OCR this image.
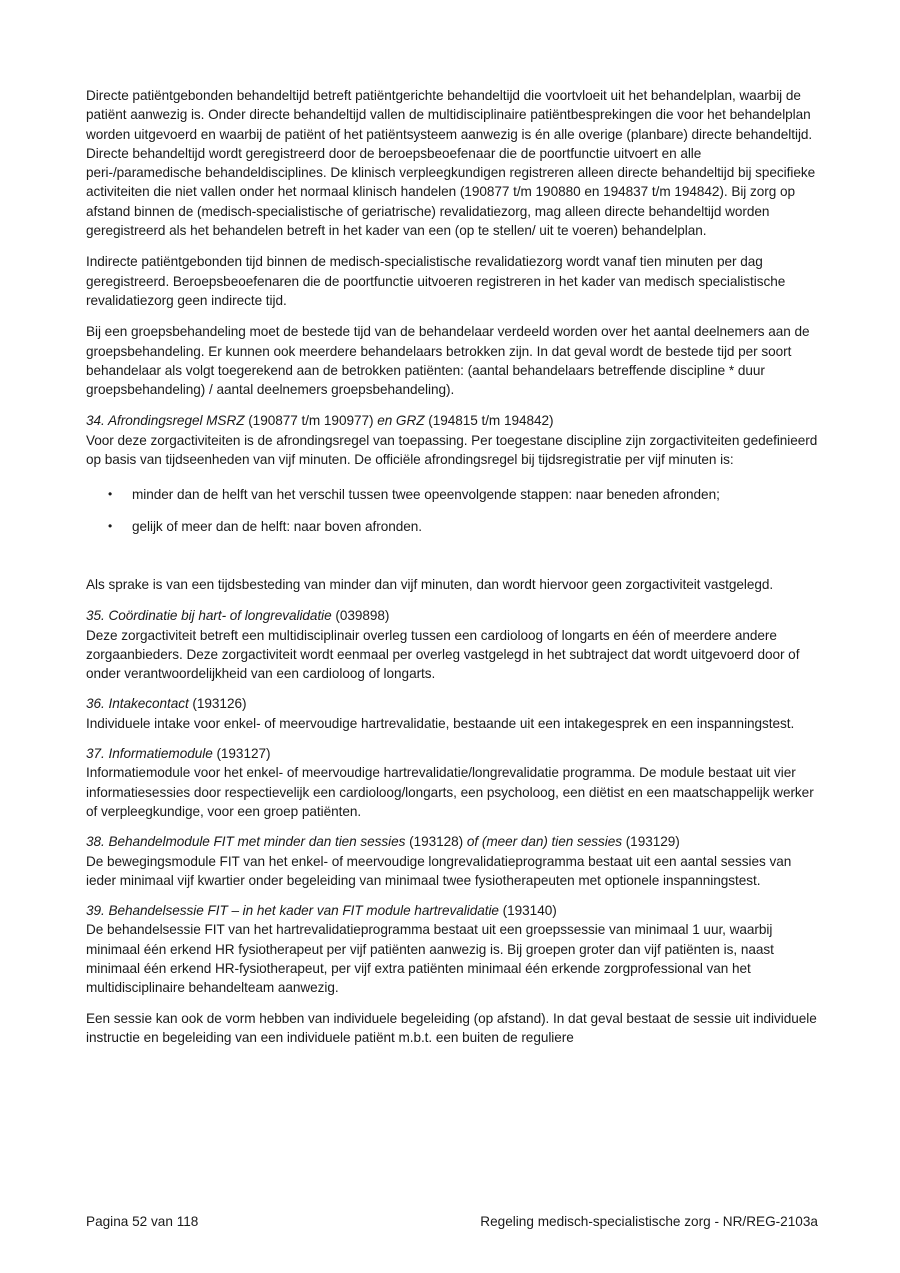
Directe patiëntgebonden behandeltijd betreft patiëntgerichte behandeltijd die voortvloeit uit het behandelplan, waarbij de patiënt aanwezig is. Onder directe behandeltijd vallen de multidisciplinaire patiëntbesprekingen die voor het behandelplan worden uitgevoerd en waarbij de patiënt of het patiëntsysteem aanwezig is én alle overige (planbare) directe behandeltijd. Directe behandeltijd wordt geregistreerd door de beroepsbeoefenaar die de poortfunctie uitvoert en alle peri-/paramedische behandeldisciplines. De klinisch verpleegkundigen registreren alleen directe behandeltijd bij specifieke activiteiten die niet vallen onder het normaal klinisch handelen (190877 t/m 190880 en 194837 t/m 194842). Bij zorg op afstand binnen de (medisch-specialistische of geriatrische) revalidatiezorg, mag alleen directe behandeltijd worden geregistreerd als het behandelen betreft in het kader van een (op te stellen/ uit te voeren) behandelplan.

Indirecte patiëntgebonden tijd binnen de medisch-specialistische revalidatiezorg wordt vanaf tien minuten per dag geregistreerd. Beroepsbeoefenaren die de poortfunctie uitvoeren registreren in het kader van medisch specialistische revalidatiezorg geen indirecte tijd.

Bij een groepsbehandeling moet de bestede tijd van de behandelaar verdeeld worden over het aantal deelnemers aan de groepsbehandeling. Er kunnen ook meerdere behandelaars betrokken zijn. In dat geval wordt de bestede tijd per soort behandelaar als volgt toegerekend aan de betrokken patiënten: (aantal behandelaars betreffende discipline * duur groepsbehandeling) / aantal deelnemers groepsbehandeling).

34. Afrondingsregel MSRZ (190877 t/m 190977) en GRZ (194815 t/m 194842)

Voor deze zorgactiviteiten is de afrondingsregel van toepassing. Per toegestane discipline zijn zorgactiviteiten gedefinieerd op basis van tijdseenheden van vijf minuten. De officiële afrondingsregel bij tijdsregistratie per vijf minuten is:

• minder dan de helft van het verschil tussen twee opeenvolgende stappen: naar beneden afronden;
• gelijk of meer dan de helft: naar boven afronden.

Als sprake is van een tijdsbesteding van minder dan vijf minuten, dan wordt hiervoor geen zorgactiviteit vastgelegd.

35. Coördinatie bij hart- of longrevalidatie (039898)

Deze zorgactiviteit betreft een multidisciplinair overleg tussen een cardioloog of longarts en één of meerdere andere zorgaanbieders. Deze zorgactiviteit wordt eenmaal per overleg vastgelegd in het subtraject dat wordt uitgevoerd door of onder verantwoordelijkheid van een cardioloog of longarts.

36. Intakecontact (193126)

Individuele intake voor enkel- of meervoudige hartrevalidatie, bestaande uit een intakegesprek en een inspanningstest.

37. Informatiemodule (193127)

Informatiemodule voor het enkel- of meervoudige hartrevalidatie/longrevalidatie programma. De module bestaat uit vier informatiesessies door respectievelijk een cardioloog/longarts, een psycholoog, een diëtist en een maatschappelijk werker of verpleegkundige, voor een groep patiënten.

38. Behandelmodule FIT met minder dan tien sessies (193128) of (meer dan) tien sessies (193129)

De bewegingsmodule FIT van het enkel- of meervoudige longrevalidatieprogramma bestaat uit een aantal sessies van ieder minimaal vijf kwartier onder begeleiding van minimaal twee fysiotherapeuten met optionele inspanningstest.

39. Behandelsessie FIT – in het kader van FIT module hartrevalidatie (193140)

De behandelsessie FIT van het hartrevalidatieprogramma bestaat uit een groepssessie van minimaal 1 uur, waarbij minimaal één erkend HR fysiotherapeut per vijf patiënten aanwezig is. Bij groepen groter dan vijf patiënten is, naast minimaal één erkend HR-fysiotherapeut, per vijf extra patiënten minimaal één erkende zorgprofessional van het multidisciplinaire behandelteam aanwezig.

Een sessie kan ook de vorm hebben van individuele begeleiding (op afstand). In dat geval bestaat de sessie uit individuele instructie en begeleiding van een individuele patiënt m.b.t. een buiten de reguliere

Pagina 52 van 118	Regeling medisch-specialistische zorg - NR/REG-2103a
